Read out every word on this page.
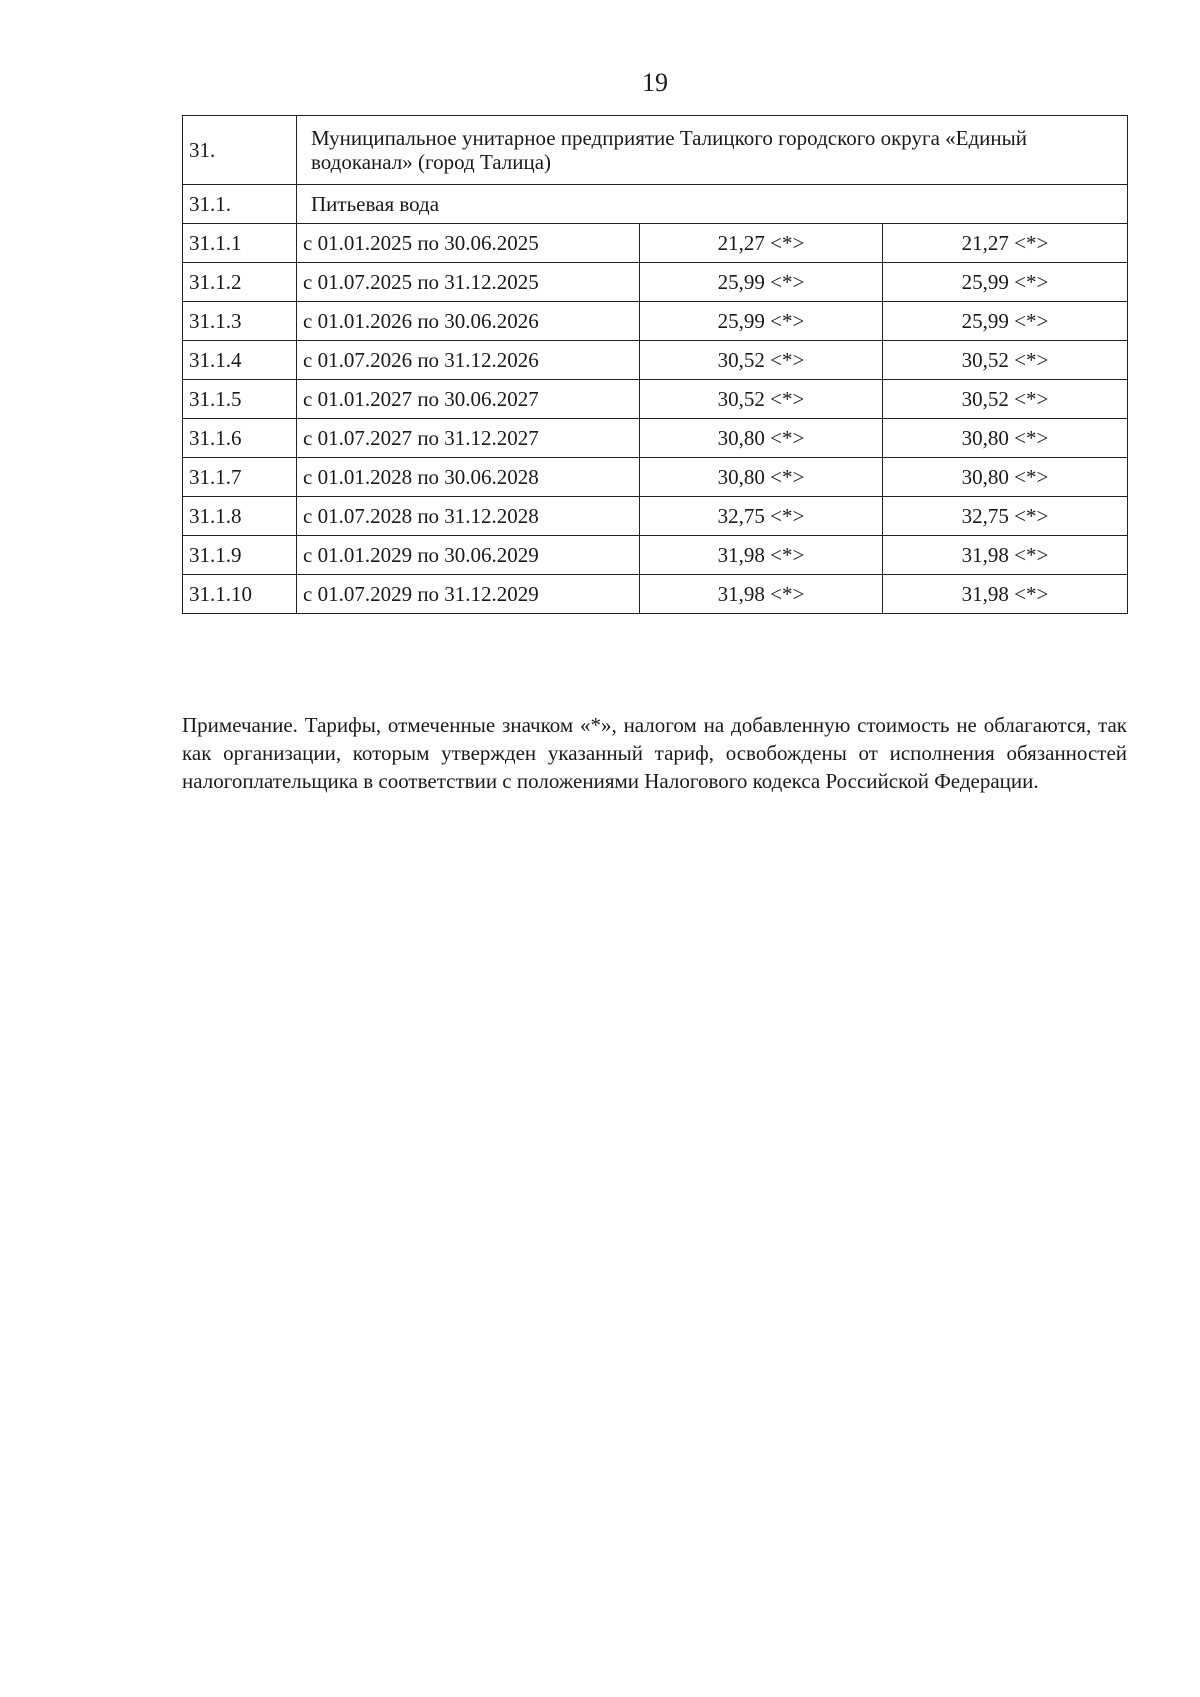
19
31.	Муниципальное унитарное предприятие Талицкого городского округа «Единый водоканал» (город Талица)		
31.1.	Питьевая вода		
31.1.1	с 01.01.2025 по 30.06.2025	21,27 <*>	21,27 <*>
31.1.2	с 01.07.2025 по 31.12.2025	25,99 <*>	25,99 <*>
31.1.3	с 01.01.2026 по 30.06.2026	25,99 <*>	25,99 <*>
31.1.4	с 01.07.2026 по 31.12.2026	30,52 <*>	30,52 <*>
31.1.5	с 01.01.2027 по 30.06.2027	30,52 <*>	30,52 <*>
31.1.6	с 01.07.2027 по 31.12.2027	30,80 <*>	30,80 <*>
31.1.7	с 01.01.2028 по 30.06.2028	30,80 <*>	30,80 <*>
31.1.8	с 01.07.2028 по 31.12.2028	32,75 <*>	32,75 <*>
31.1.9	с 01.01.2029 по 30.06.2029	31,98 <*>	31,98 <*>
31.1.10	с 01.07.2029 по 31.12.2029	31,98 <*>	31,98 <*>

Примечание. Тарифы, отмеченные значком «*», налогом на добавленную стоимость не облагаются, так как организации, которым утвержден указанный тариф, освобождены от исполнения обязанностей налогоплательщика в соответствии с положениями Налогового кодекса Российской Федерации.
